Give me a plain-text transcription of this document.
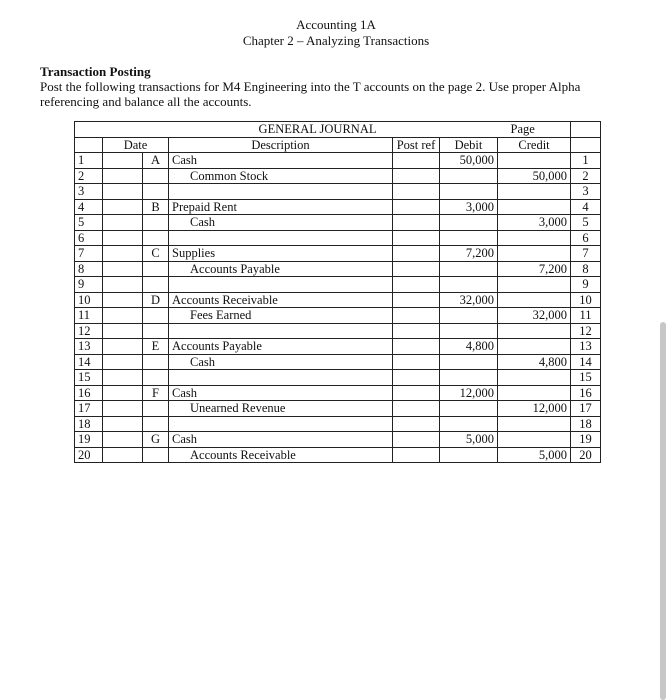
Accounting 1A
Chapter 2 – Analyzing Transactions
Transaction Posting
Post the following transactions for M4 Engineering into the T accounts on the page 2. Use proper Alpha referencing and balance all the accounts.
GENERAL JOURNAL Page							

	Date		Description	Post ref	Debit	Credit	
1		A	Cash		50,000		1
2			Common Stock			50,000	2
3							3
4		B	Prepaid Rent		3,000		4
5			Cash			3,000	5
6							6
7		C	Supplies		7,200		7
8			Accounts Payable			7,200	8
9							9
10		D	Accounts Receivable		32,000		10
11			Fees Earned			32,000	11
12							12
13		E	Accounts Payable		4,800		13
14			Cash			4,800	14
15							15
16		F	Cash		12,000		16
17			Unearned Revenue			12,000	17
18							18
19		G	Cash		5,000		19
20			Accounts Receivable			5,000	20
